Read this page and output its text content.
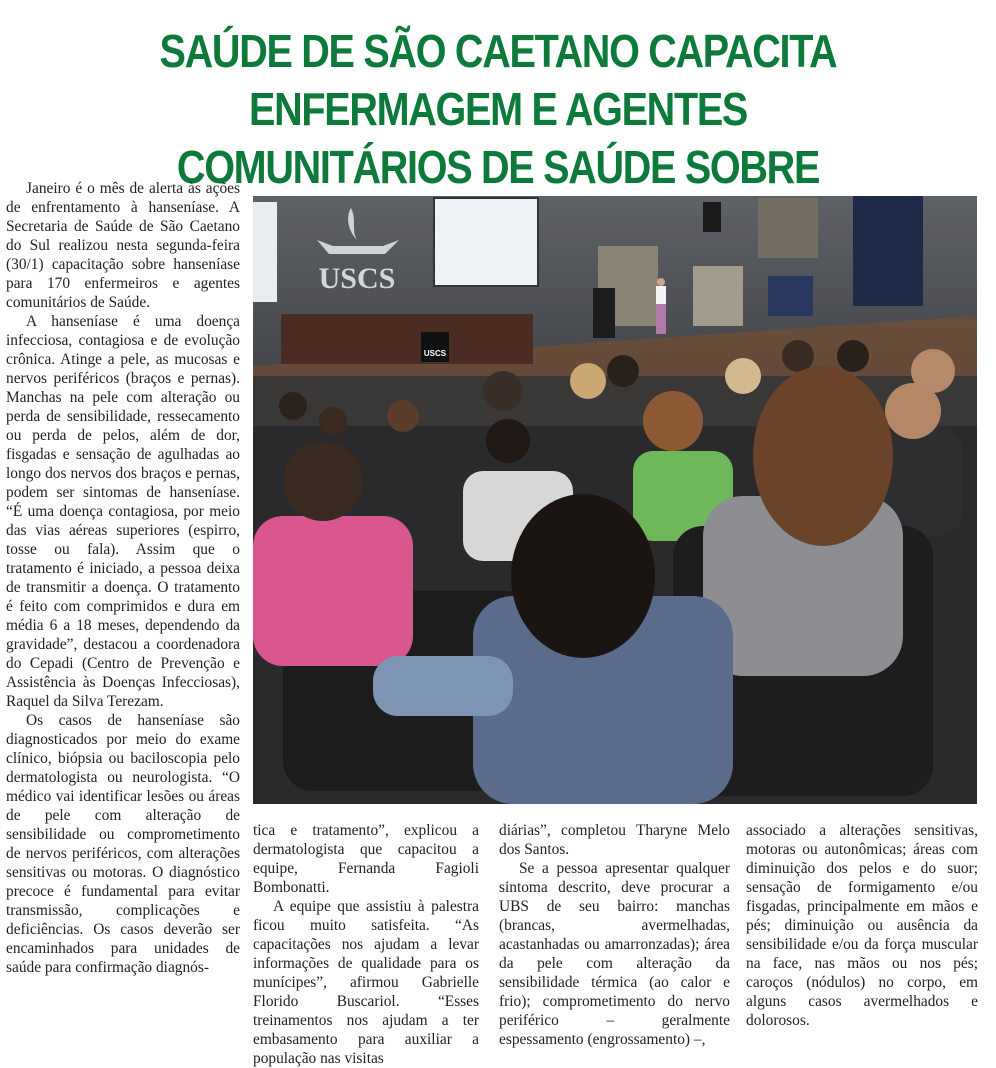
SAÚDE DE SÃO CAETANO CAPACITA ENFERMAGEM E AGENTES
COMUNITÁRIOS DE SAÚDE SOBRE

Janeiro é o mês de alerta às ações de enfrentamento à hanseníase. A Secretaria de Saúde de São Caetano do Sul realizou nesta segunda-feira (30/1) capacitação sobre hanseníase para 170 enfermeiros e agentes comunitários de Saúde.

A hanseníase é uma doença infecciosa, contagiosa e de evolução crônica. Atinge a pele, as mucosas e nervos periféricos (braços e pernas). Manchas na pele com alteração ou perda de sensibilidade, ressecamento ou perda de pelos, além de dor, fisgadas e sensação de agulhadas ao longo dos nervos dos braços e pernas, podem ser sintomas de hanseníase. “É uma doença contagiosa, por meio das vias aéreas superiores (espirro, tosse ou fala). Assim que o tratamento é iniciado, a pessoa deixa de transmitir a doença. O tratamento é feito com comprimidos e dura em média 6 a 18 meses, dependendo da gravidade”, destacou a coordenadora do Cepadi (Centro de Prevenção e Assistência às Doenças Infecciosas), Raquel da Silva Terezam.

Os casos de hanseníase são diagnosticados por meio do exame clínico, biópsia ou baciloscopia pelo dermatologista ou neurologista. “O médico vai identificar lesões ou áreas de pele com alteração de sensibilidade ou comprometimento de nervos periféricos, com alterações sensitivas ou motoras. O diagnóstico precoce é fundamental para evitar transmissão, complicações e deficiências. Os casos deverão ser encaminhados para unidades de saúde para confirmação diagnós-

USCS
USCS

tica e tratamento”, explicou a dermatologista que capacitou a equipe, Fernanda Fagioli Bombonatti.

A equipe que assistiu à palestra ficou muito satisfeita. “As capacitações nos ajudam a levar informações de qualidade para os munícipes”, afirmou Gabrielle Florido Buscariol. “Esses treinamentos nos ajudam a ter embasamento para auxiliar a população nas visitas

diárias”, completou Tharyne Melo dos Santos.

Se a pessoa apresentar qualquer sintoma descrito, deve procurar a UBS de seu bairro: manchas (brancas, avermelhadas, acastanhadas ou amarronzadas); área da pele com alteração da sensibilidade térmica (ao calor e frio); comprometimento do nervo periférico – geralmente espessamento (engrossamento) –,

associado a alterações sensitivas, motoras ou autonômicas; áreas com diminuição dos pelos e do suor; sensação de formigamento e/ou fisgadas, principalmente em mãos e pés; diminuição ou ausência da sensibilidade e/ou da força muscular na face, nas mãos ou nos pés; caroços (nódulos) no corpo, em alguns casos avermelhados e dolorosos.
